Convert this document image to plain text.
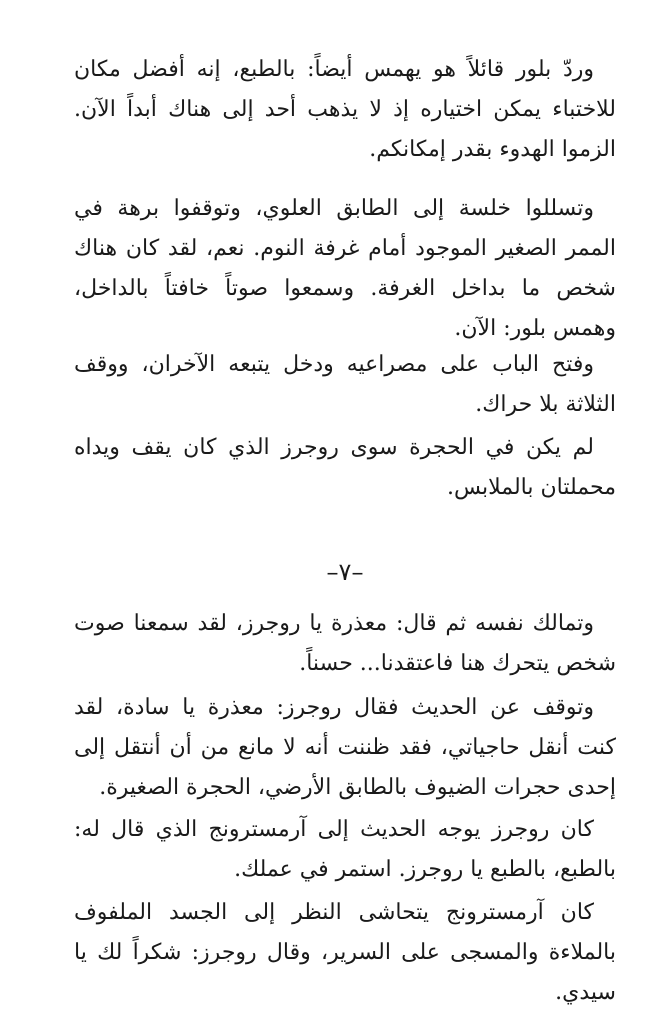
وردّ بلور قائلاً هو يهمس أيضاً: بالطبع، إنه أفضل مكان للاختباء يمكن اختياره إذ لا يذهب أحد إلى هناك أبداً الآن. الزموا الهدوء بقدر إمكانكم.

وتسللوا خلسة إلى الطابق العلوي، وتوقفوا برهة في الممر الصغير الموجود أمام غرفة النوم. نعم، لقد كان هناك شخص ما بداخل الغرفة. وسمعوا صوتاً خافتاً بالداخل، وهمس بلور: الآن.

وفتح الباب على مصراعيه ودخل يتبعه الآخران، ووقف الثلاثة بلا حراك.

لم يكن في الحجرة سوى روجرز الذي كان يقف ويداه محملتان بالملابس.

–٧–

وتمالك نفسه ثم قال: معذرة يا روجرز، لقد سمعنا صوت شخص يتحرك هنا فاعتقدنا... حسناً.

وتوقف عن الحديث فقال روجرز: معذرة يا سادة، لقد كنت أنقل حاجياتي، فقد ظننت أنه لا مانع من أن أنتقل إلى إحدى حجرات الضيوف بالطابق الأرضي، الحجرة الصغيرة.

كان روجرز يوجه الحديث إلى آرمسترونج الذي قال له: بالطبع، بالطبع يا روجرز. استمر في عملك.

كان آرمسترونج يتحاشى النظر إلى الجسد الملفوف بالملاءة والمسجى على السرير، وقال روجرز: شكراً لك يا سيدي.
